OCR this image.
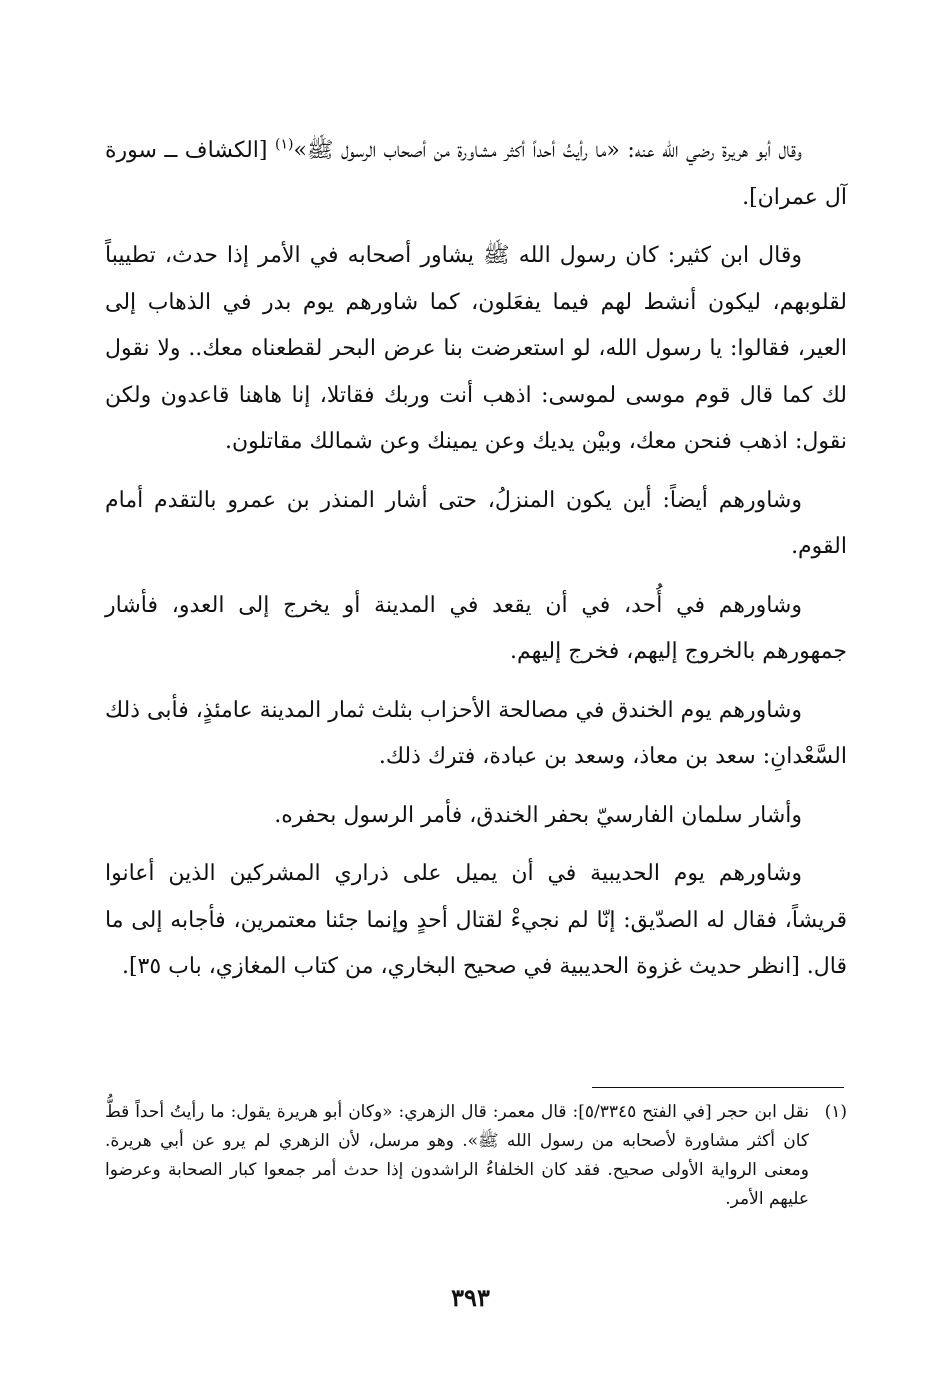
وقال أبو هريرة رضي الله عنه: «ما رأيتُ أحداً أكثر مشاورة من أصحاب الرسول ﷺ»$^{(١)}$ [الكشاف ــ سورة آل عمران].

وقال ابن كثير: كان رسول الله ﷺ يشاور أصحابه في الأمر إذا حدث، تطييباً لقلوبهم، ليكون أنشط لهم فيما يفعَلون، كما شاورهم يوم بدر في الذهاب إلى العير، فقالوا: يا رسول الله، لو استعرضت بنا عرض البحر لقطعناه معك.. ولا نقول لك كما قال قوم موسى لموسى: اذهب أنت وربك فقاتلا، إنا هاهنا قاعدون ولكن نقول: اذهب فنحن معك، وبيْن يديك وعن يمينك وعن شمالك مقاتلون.

وشاورهم أيضاً: أين يكون المنزلُ، حتى أشار المنذر بن عمرو بالتقدم أمام القوم.

وشاورهم في أُحد، في أن يقعد في المدينة أو يخرج إلى العدو، فأشار جمهورهم بالخروج إليهم، فخرج إليهم.

وشاورهم يوم الخندق في مصالحة الأحزاب بثلث ثمار المدينة عامئذٍ، فأبى ذلك السَّعْدانِ: سعد بن معاذ، وسعد بن عبادة، فترك ذلك.

وأشار سلمان الفارسيّ بحفر الخندق، فأمر الرسول بحفره.

وشاورهم يوم الحديبية في أن يميل على ذراري المشركين الذين أعانوا قريشاً، فقال له الصدّيق: إنّا لم نجيءْ لقتال أحدٍ وإنما جئنا معتمرين، فأجابه إلى ما قال. [انظر حديث غزوة الحديبية في صحيح البخاري، من كتاب المغازي، باب ٣٥].

(١)
نقل ابن حجر [في الفتح ٥/٣٣٤٥]: قال معمر: قال الزهري: «وكان أبو هريرة يقول: ما رأيتُ أحداً قطُّ كان أكثر مشاورة لأصحابه من رسول الله ﷺ». وهو مرسل، لأن الزهري لم يرو عن أبي هريرة. ومعنى الرواية الأولى صحيح. فقد كان الخلفاءُ الراشدون إذا حدث أمر جمعوا كبار الصحابة وعرضوا عليهم الأمر.
٣٩٣
